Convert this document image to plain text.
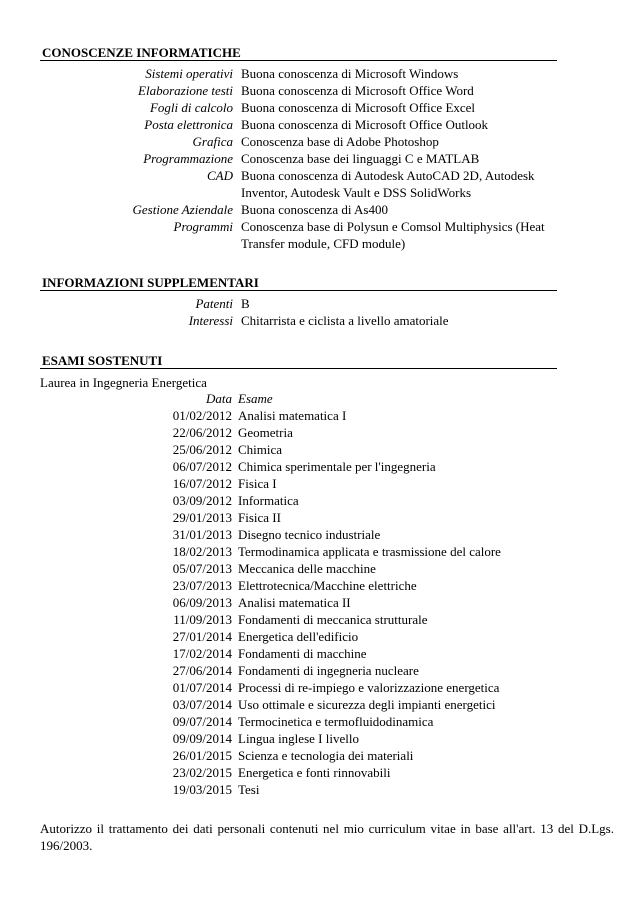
CONOSCENZE INFORMATICHE
Sistemi operativi Buona conoscenza di Microsoft Windows
Elaborazione testi Buona conoscenza di Microsoft Office Word
Fogli di calcolo Buona conoscenza di Microsoft Office Excel
Posta elettronica Buona conoscenza di Microsoft Office Outlook
Grafica Conoscenza base di Adobe Photoshop
Programmazione Conoscenza base dei linguaggi C e MATLAB
CAD Buona conoscenza di Autodesk AutoCAD 2D, Autodesk Inventor, Autodesk Vault e DSS SolidWorks
Gestione Aziendale Buona conoscenza di As400
Programmi Conoscenza base di Polysun e Comsol Multiphysics (Heat Transfer module, CFD module)
INFORMAZIONI SUPPLEMENTARI
Patenti B
Interessi Chitarrista e ciclista a livello amatoriale
ESAMI SOSTENUTI
Laurea in Ingegneria Energetica
Data Esame
01/02/2012 Analisi matematica I
22/06/2012 Geometria
25/06/2012 Chimica
06/07/2012 Chimica sperimentale per l'ingegneria
16/07/2012 Fisica I
03/09/2012 Informatica
29/01/2013 Fisica II
31/01/2013 Disegno tecnico industriale
18/02/2013 Termodinamica applicata e trasmissione del calore
05/07/2013 Meccanica delle macchine
23/07/2013 Elettrotecnica/Macchine elettriche
06/09/2013 Analisi matematica II
11/09/2013 Fondamenti di meccanica strutturale
27/01/2014 Energetica dell'edificio
17/02/2014 Fondamenti di macchine
27/06/2014 Fondamenti di ingegneria nucleare
01/07/2014 Processi di re-impiego e valorizzazione energetica
03/07/2014 Uso ottimale e sicurezza degli impianti energetici
09/07/2014 Termocinetica e termofluidodinamica
09/09/2014 Lingua inglese I livello
26/01/2015 Scienza e tecnologia dei materiali
23/02/2015 Energetica e fonti rinnovabili
19/03/2015 Tesi
Autorizzo il trattamento dei dati personali contenuti nel mio curriculum vitae in base all'art. 13 del D.Lgs. 196/2003.
